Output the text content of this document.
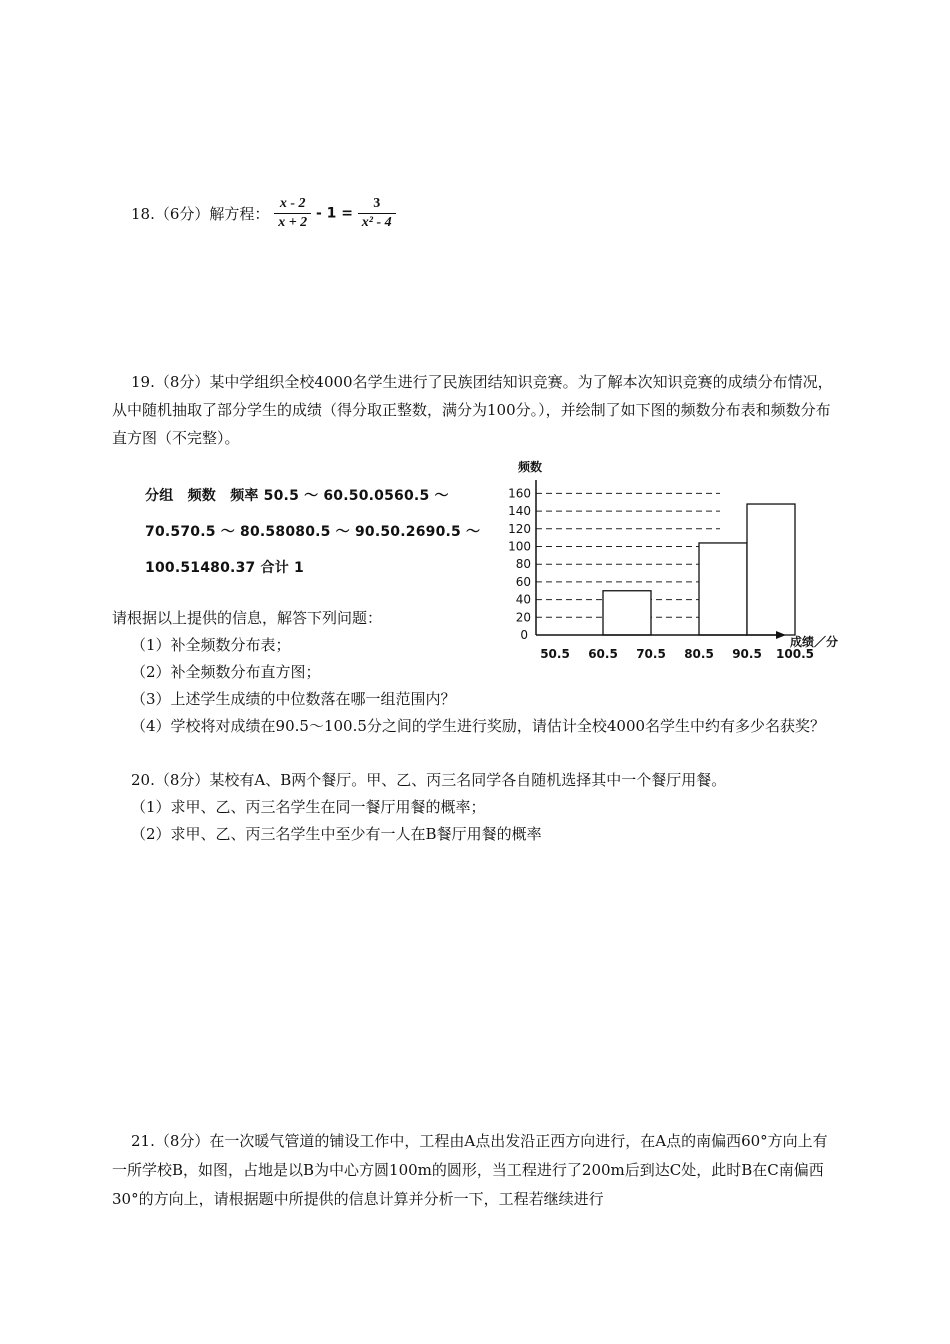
18.（6分）解方程： $\frac{x - 2}{x + 2} - 1 = \frac{3}{\text{x² - 4}}$
19.（8分）某中学组织全校4000名学生进行了民族团结知识竞赛。为了解本次知识竞赛的成绩分布情况，从中随机抽取了部分学生的成绩（得分取正整数，满分为100分。），并绘制了如下图的频数分布表和频数分布直方图（不完整）。
分组　频数　频率 50.5 ～ 60.50.0560.5 ～
70.570.5 ～ 80.58080.5 ～ 90.50.2690.5 ～
100.51480.37 合计 1
0
20
40
60
80
100
120
140
160
50.5 60.5 70.5 80.5 90.5 100.5
频数
成绩／分
请根据以上提供的信息，解答下列问题：
（1）补全频数分布表；
（2）补全频数分布直方图；
（3）上述学生成绩的中位数落在哪一组范围内？
（4）学校将对成绩在90.5～100.5分之间的学生进行奖励，请估计全校4000名学生中约有多少名获奖？
20.（8分）某校有A、B两个餐厅。甲、乙、丙三名同学各自随机选择其中一个餐厅用餐。
（1）求甲、乙、丙三名学生在同一餐厅用餐的概率；
（2）求甲、乙、丙三名学生中至少有一人在B餐厅用餐的概率
21.（8分）在一次暖气管道的铺设工作中，工程由A点出发沿正西方向进行，在A点的南偏西60°方向上有一所学校B，如图，占地是以B为中心方圆100m的圆形，当工程进行了200m后到达C处，此时B在C南偏西30°的方向上，请根据题中所提供的信息计算并分析一下，工程若继续进行
